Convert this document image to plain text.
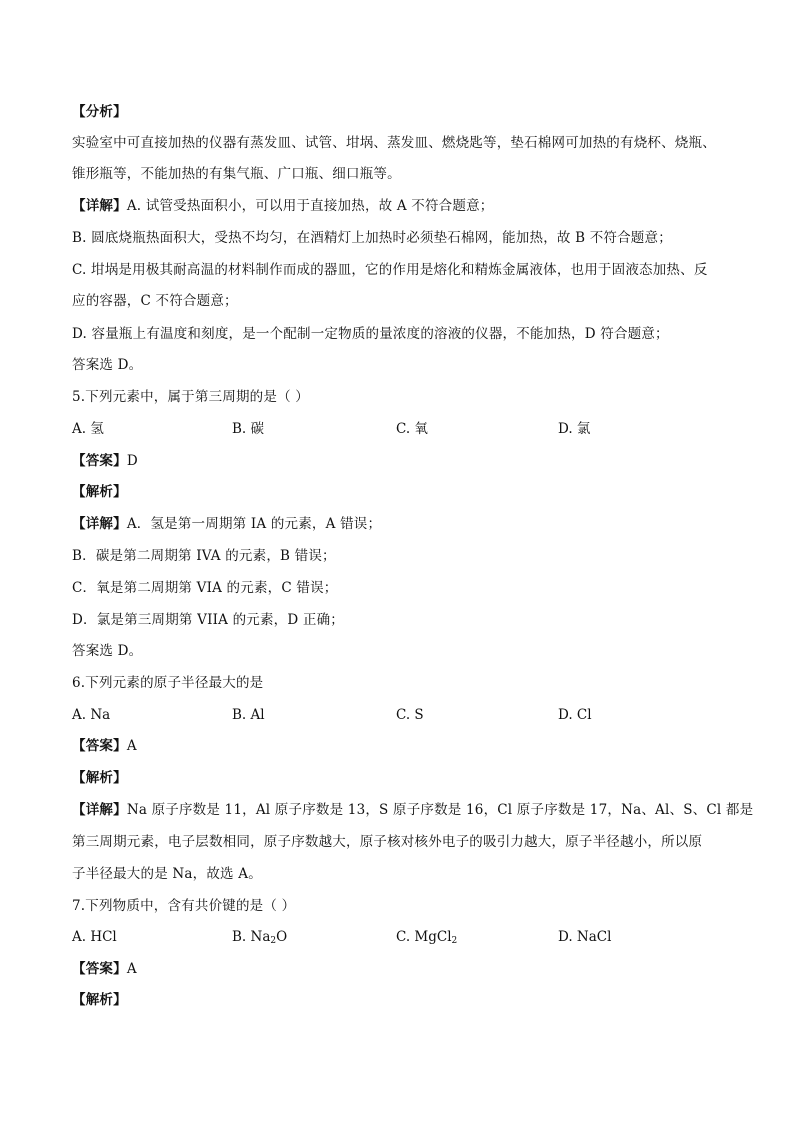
【分析】
实验室中可直接加热的仪器有蒸发皿、试管、坩埚、蒸发皿、燃烧匙等，垫石棉网可加热的有烧杯、烧瓶、
锥形瓶等，不能加热的有集气瓶、广口瓶、细口瓶等。
【详解】A. 试管受热面积小，可以用于直接加热，故 A 不符合题意；
B. 圆底烧瓶热面积大，受热不均匀，在酒精灯上加热时必须垫石棉网，能加热，故 B 不符合题意；
C. 坩埚是用极其耐高温的材料制作而成的器皿，它的作用是熔化和精炼金属液体，也用于固液态加热、反
应的容器，C 不符合题意；
D. 容量瓶上有温度和刻度，是一个配制一定物质的量浓度的溶液的仪器，不能加热，D 符合题意；
答案选 D。
5.下列元素中，属于第三周期的是（ ）
A. 氢	B. 碳	C. 氧	D. 氯
【答案】D
【解析】
【详解】A．氢是第一周期第 IA 的元素，A 错误；
B．碳是第二周期第 IVA 的元素，B 错误；
C．氧是第二周期第 VIA 的元素，C 错误；
D．氯是第三周期第 VIIA 的元素，D 正确；
答案选 D。
6.下列元素的原子半径最大的是
A. Na	B. Al	C. S	D. Cl
【答案】A
【解析】
【详解】Na 原子序数是 11，Al 原子序数是 13，S 原子序数是 16，Cl 原子序数是 17，Na、Al、S、Cl 都是
第三周期元素，电子层数相同，原子序数越大，原子核对核外电子的吸引力越大，原子半径越小，所以原
子半径最大的是 Na，故选 A。
7.下列物质中，含有共价键的是（ ）
A. HCl	B. $Na_2O$	C. MgCl$_2$	D. NaCl
【答案】A
【解析】
